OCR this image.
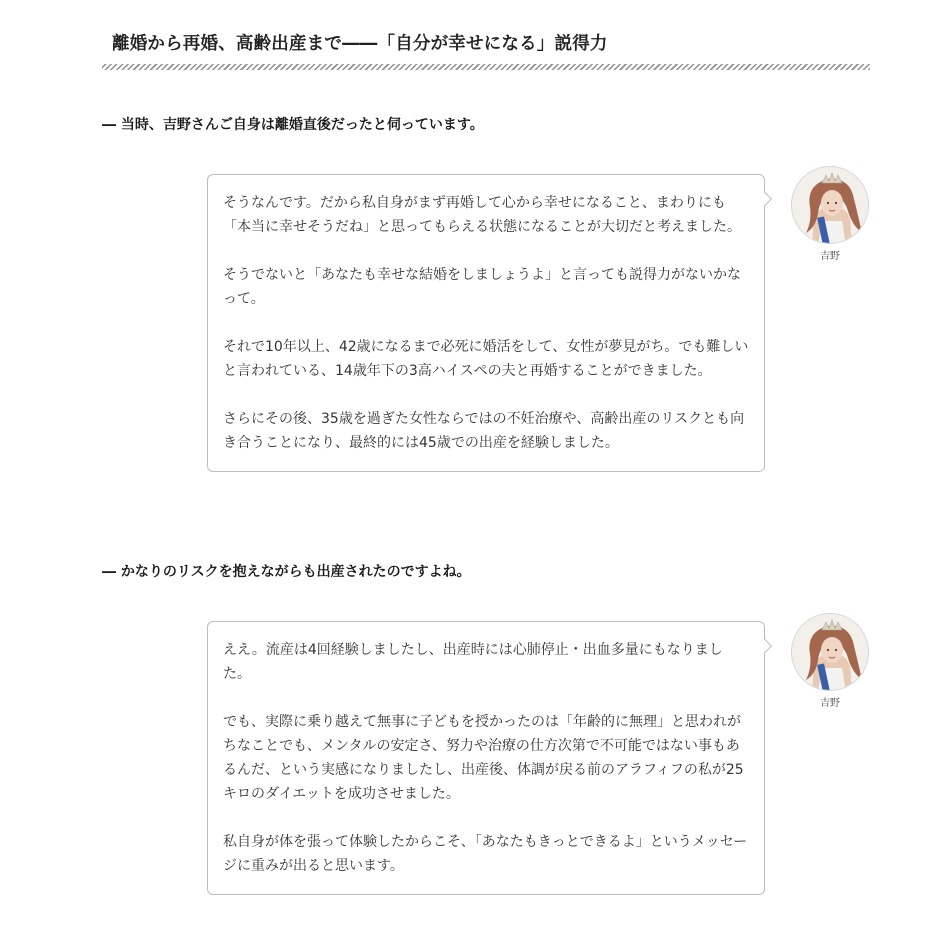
離婚から再婚、高齢出産まで――「自分が幸せになる」説得力

― 当時、吉野さんご自身は離婚直後だったと伺っています。

そうなんです。だから私自身がまず再婚して心から幸せになること、まわりにも「本当に幸せそうだね」と思ってもらえる状態になることが大切だと考えました。

そうでないと「あなたも幸せな結婚をしましょうよ」と言っても説得力がないかなって。

それで10年以上、42歳になるまで必死に婚活をして、女性が夢見がち。でも難しいと言われている、14歳年下の3高ハイスペの夫と再婚することができました。

さらにその後、35歳を過ぎた女性ならではの不妊治療や、高齢出産のリスクとも向き合うことになり、最終的には45歳での出産を経験しました。

吉野

― かなりのリスクを抱えながらも出産されたのですよね。

ええ。流産は4回経験しましたし、出産時には心肺停止・出血多量にもなりました。

でも、実際に乗り越えて無事に子どもを授かったのは「年齢的に無理」と思われがちなことでも、メンタルの安定さ、努力や治療の仕方次第で不可能ではない事もあるんだ、という実感になりましたし、出産後、体調が戻る前のアラフィフの私が25キロのダイエットを成功させました。

私自身が体を張って体験したからこそ、「あなたもきっとできるよ」というメッセージに重みが出ると思います。

吉野
